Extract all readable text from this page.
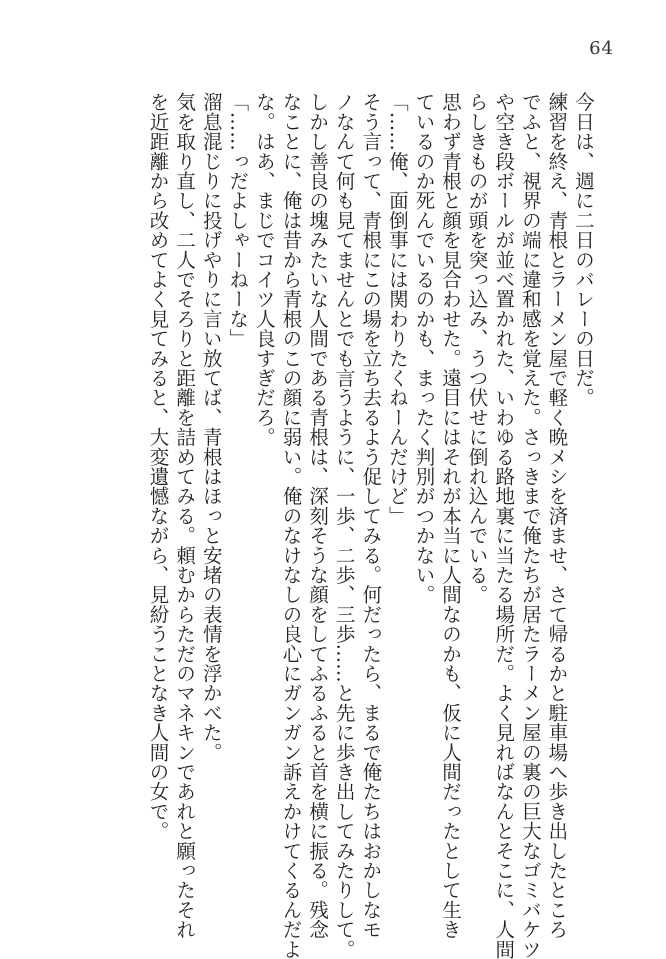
64
今日は、週に二日のバレーの日だ。
練習を終え、青根とラーメン屋で軽く晩メシを済ませ、さて帰るかと駐車場へ歩き出したところ
でふと、視界の端に違和感を覚えた。さっきまで俺たちが居たラーメン屋の裏の巨大なゴミバケツ
や空き段ボールが並べ置かれた、いわゆる路地裏に当たる場所だ。よく見ればなんとそこに、人間
らしきものが頭を突っ込み、うつ伏せに倒れ込んでいる。
思わず青根と顔を見合わせた。遠目にはそれが本当に人間なのかも、仮に人間だったとして生き
ているのか死んでいるのかも、まったく判別がつかない。
「……俺、面倒事には関わりたくねーんだけど」
そう言って、青根にこの場を立ち去るよう促してみる。何だったら、まるで俺たちはおかしなモ
ノなんて何も見てませんとでも言うように、一歩、二歩、三歩……と先に歩き出してみたりして。
しかし善良の塊みたいな人間である青根は、深刻そうな顔をしてふるふると首を横に振る。残念
なことに、俺は昔から青根のこの顔に弱い。俺のなけなしの良心にガンガン訴えかけてくるんだよ
な。はあ、まじでコイツ人良すぎだろ。
「……っだよしゃーねーな」
溜息混じりに投げやりに言い放てば、青根はほっと安堵の表情を浮かべた。
気を取り直し、二人でそろりと距離を詰めてみる。頼むからただのマネキンであれと願ったそれ
を近距離から改めてよく見てみると、大変遺憾ながら、見紛うことなき人間の女で。
